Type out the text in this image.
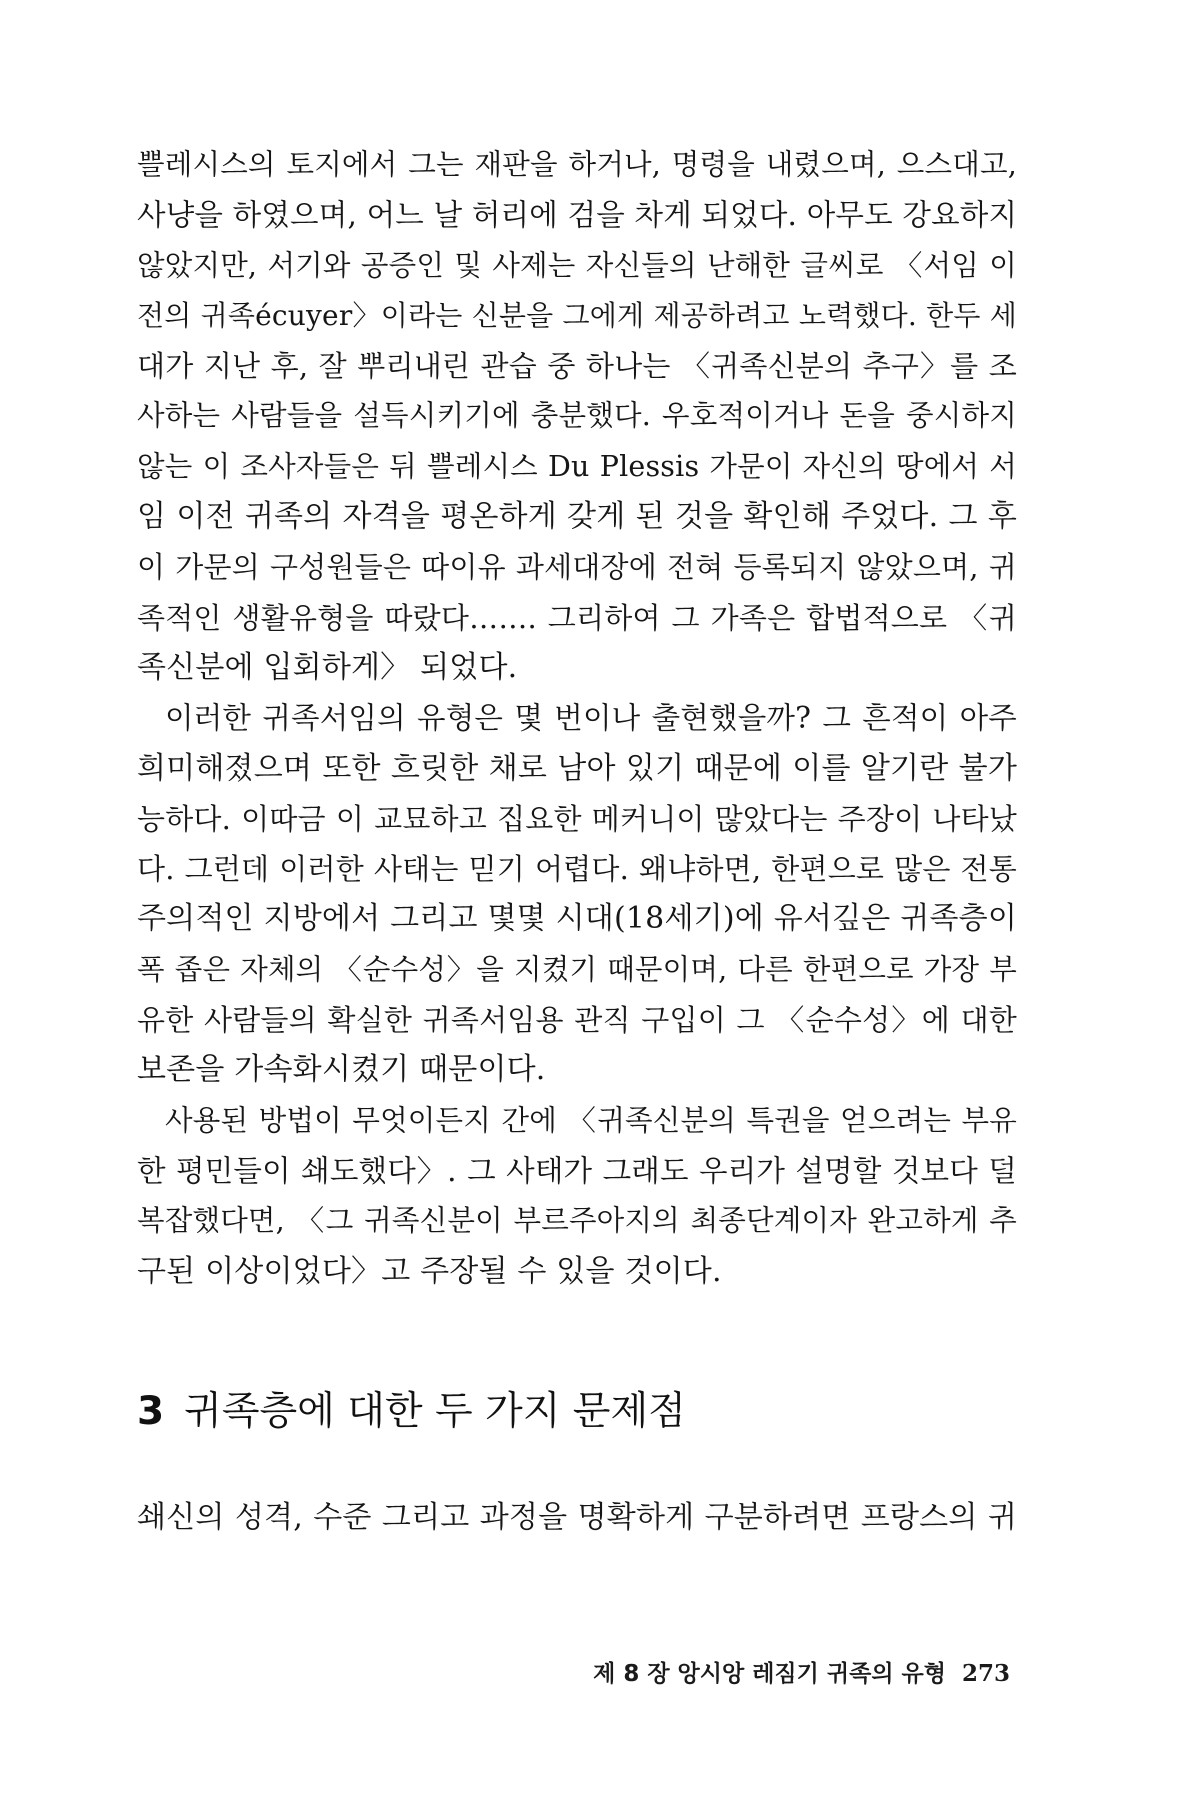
쁠레시스의 토지에서 그는 재판을 하거나, 명령을 내렸으며, 으스대고,
사냥을 하였으며, 어느 날 허리에 검을 차게 되었다. 아무도 강요하지
않았지만, 서기와 공증인 및 사제는 자신들의 난해한 글씨로 〈서임 이
전의 귀족écuyer〉이라는 신분을 그에게 제공하려고 노력했다. 한두 세
대가 지난 후, 잘 뿌리내린 관습 중 하나는 〈귀족신분의 추구〉를 조
사하는 사람들을 설득시키기에 충분했다. 우호적이거나 돈을 중시하지
않는 이 조사자들은 뒤 쁠레시스 Du Plessis 가문이 자신의 땅에서 서
임 이전 귀족의 자격을 평온하게 갖게 된 것을 확인해 주었다. 그 후
이 가문의 구성원들은 따이유 과세대장에 전혀 등록되지 않았으며, 귀
족적인 생활유형을 따랐다……. 그리하여 그 가족은 합법적으로 〈귀
족신분에 입회하게〉 되었다.
이러한 귀족서임의 유형은 몇 번이나 출현했을까? 그 흔적이 아주
희미해졌으며 또한 흐릿한 채로 남아 있기 때문에 이를 알기란 불가
능하다. 이따금 이 교묘하고 집요한 메커니이 많았다는 주장이 나타났
다. 그런데 이러한 사태는 믿기 어렵다. 왜냐하면, 한편으로 많은 전통
주의적인 지방에서 그리고 몇몇 시대(18세기)에 유서깊은 귀족층이
폭 좁은 자체의 〈순수성〉을 지켰기 때문이며, 다른 한편으로 가장 부
유한 사람들의 확실한 귀족서임용 관직 구입이 그 〈순수성〉에 대한
보존을 가속화시켰기 때문이다.
사용된 방법이 무엇이든지 간에 〈귀족신분의 특권을 얻으려는 부유
한 평민들이 쇄도했다〉. 그 사태가 그래도 우리가 설명할 것보다 덜
복잡했다면, 〈그 귀족신분이 부르주아지의 최종단계이자 완고하게 추
구된 이상이었다〉고 주장될 수 있을 것이다.
3 귀족층에 대한 두 가지 문제점
쇄신의 성격, 수준 그리고 과정을 명확하게 구분하려면 프랑스의 귀
제 8 장 앙시앙 레짐기 귀족의 유형 273
